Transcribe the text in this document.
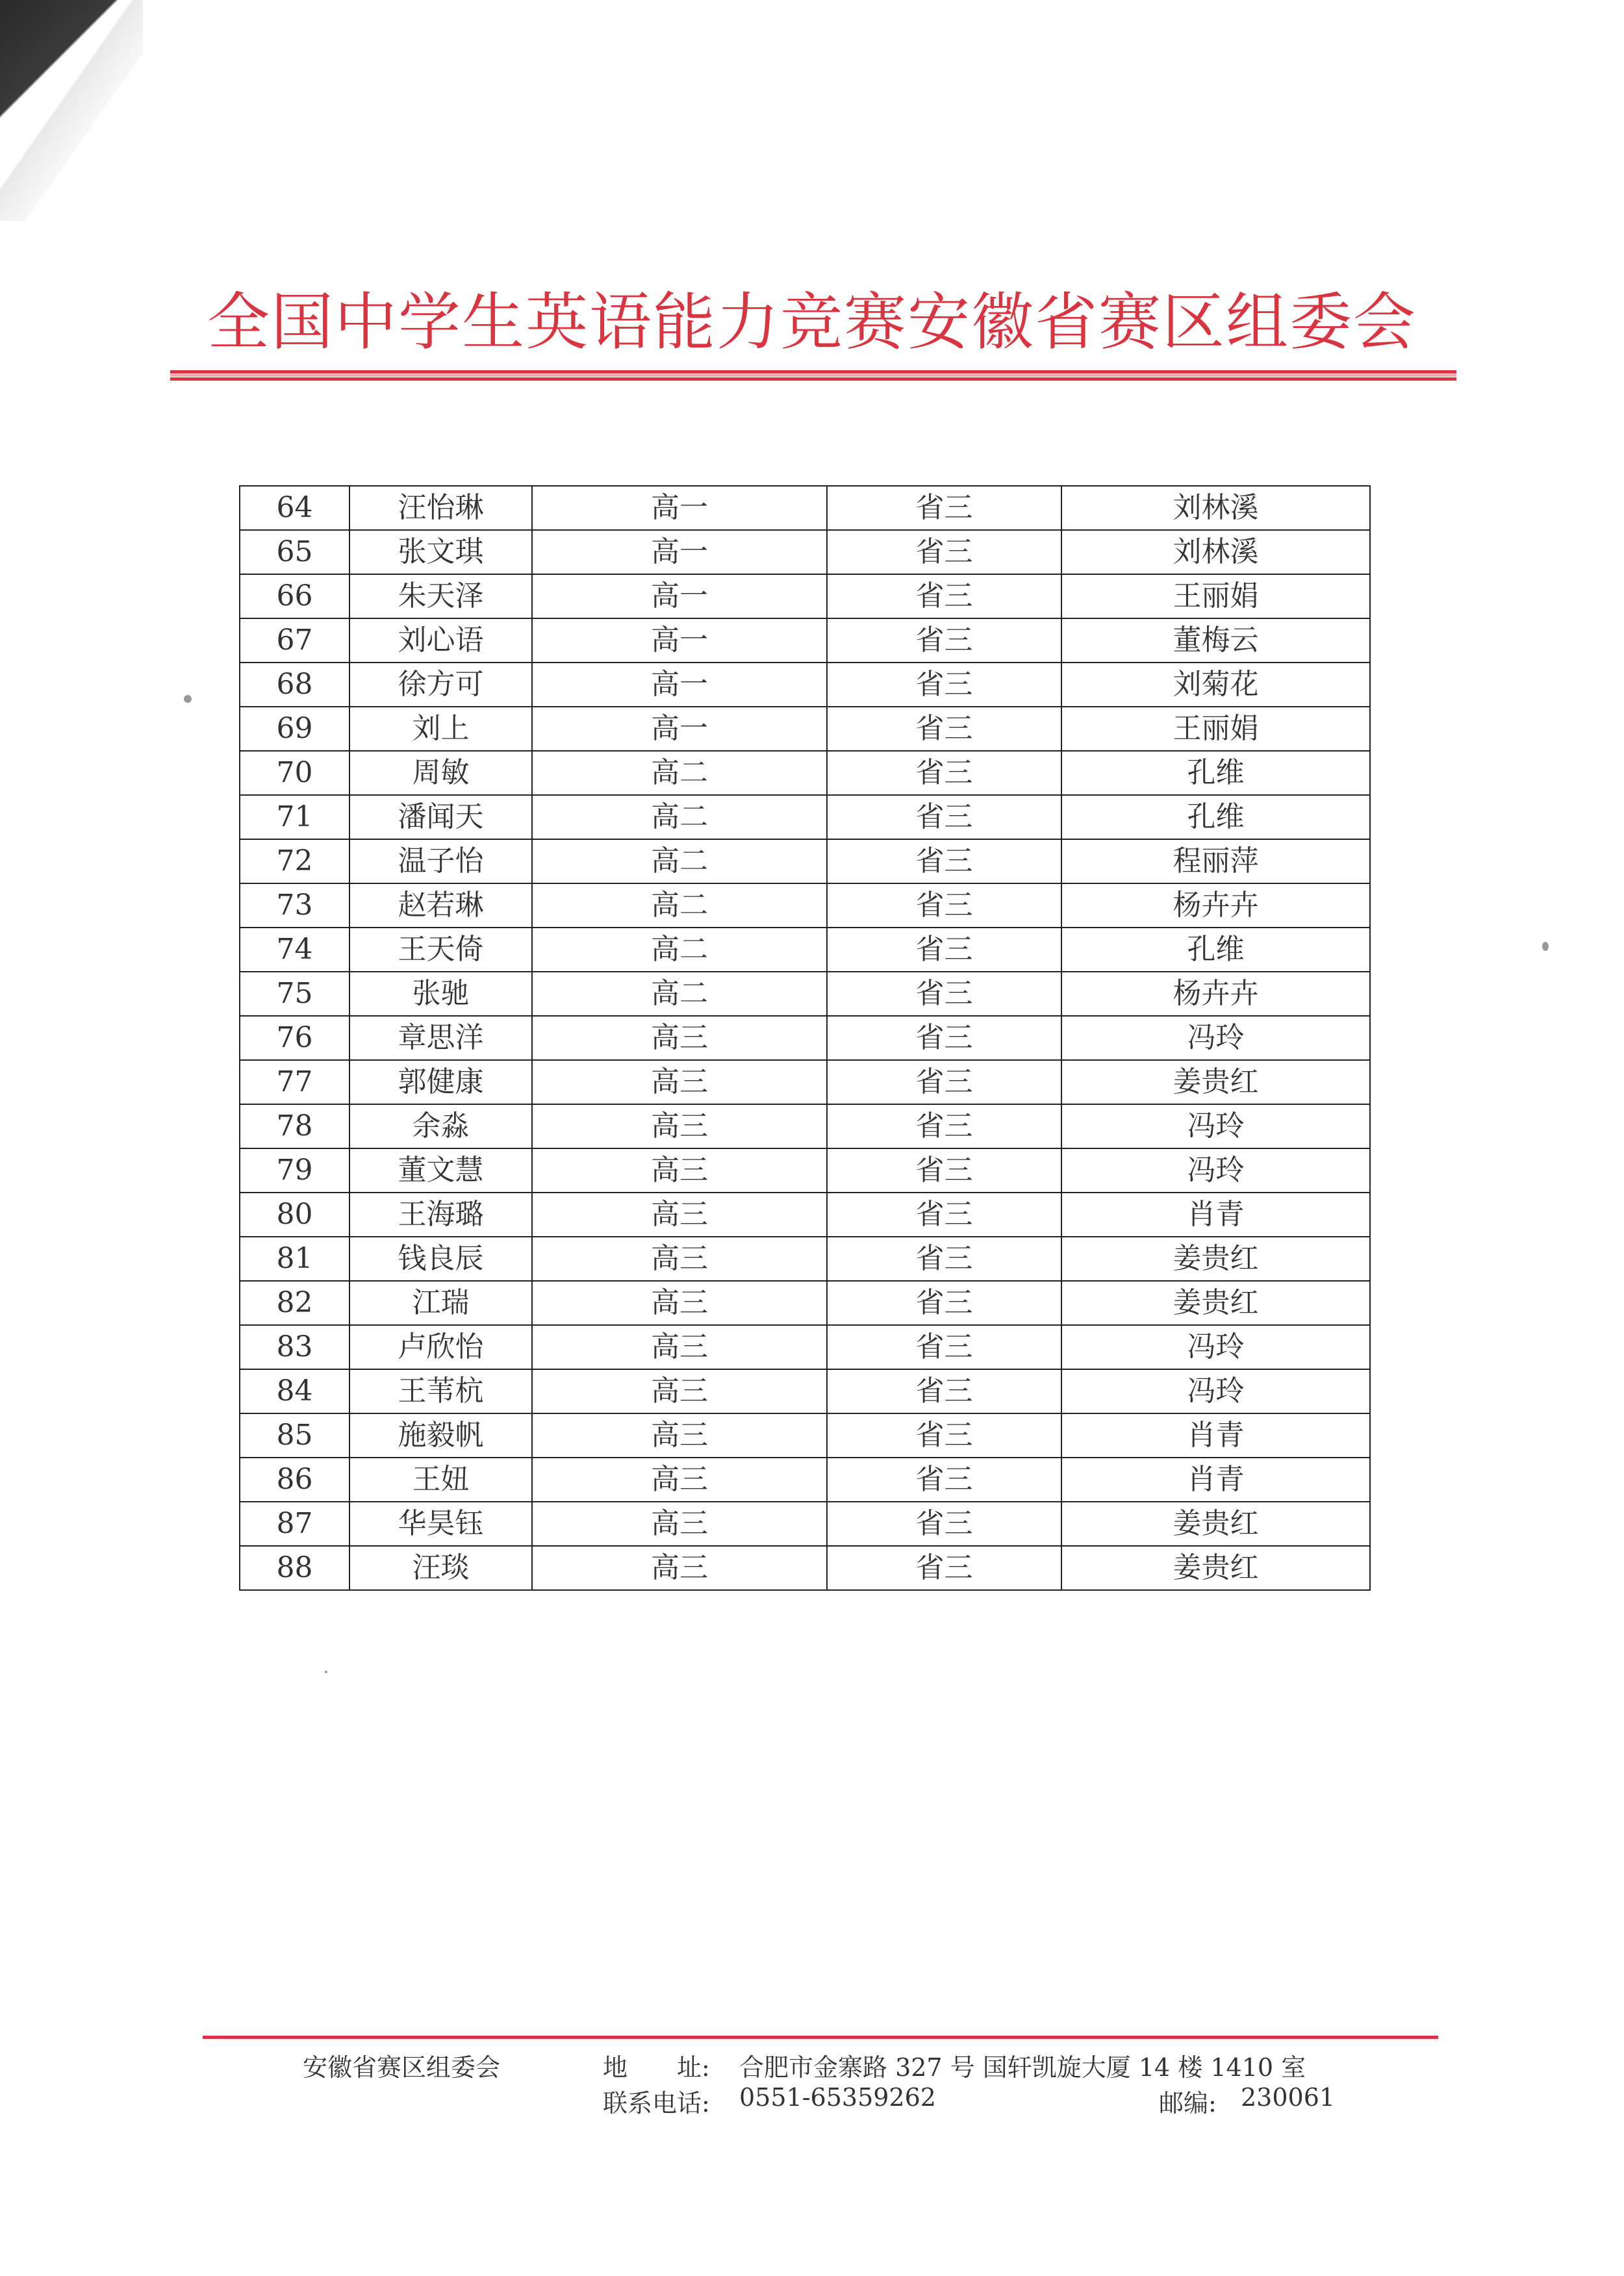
全国中学生英语能力竞赛安徽省赛区组委会
64	汪怡琳	高一	省三	刘林溪
65	张文琪	高一	省三	刘林溪
66	朱天泽	高一	省三	王丽娟
67	刘心语	高一	省三	董梅云
68	徐方可	高一	省三	刘菊花
69	刘上	高一	省三	王丽娟
70	周敏	高二	省三	孔维
71	潘闻天	高二	省三	孔维
72	温子怡	高二	省三	程丽萍
73	赵若琳	高二	省三	杨卉卉
74	王天倚	高二	省三	孔维
75	张驰	高二	省三	杨卉卉
76	章思洋	高三	省三	冯玲
77	郭健康	高三	省三	姜贵红
78	余淼	高三	省三	冯玲
79	董文慧	高三	省三	冯玲
80	王海璐	高三	省三	肖青
81	钱良辰	高三	省三	姜贵红
82	江瑞	高三	省三	姜贵红
83	卢欣怡	高三	省三	冯玲
84	王苇杭	高三	省三	冯玲
85	施毅帆	高三	省三	肖青
86	王妞	高三	省三	肖青
87	华昊钰	高三	省三	姜贵红
88	汪琰	高三	省三	姜贵红
安徽省赛区组委会	地　　址: 合肥市金寨路 327 号 国轩凯旋大厦 14 楼 1410 室
联系电话: 0551-65359262	邮编: 230061
